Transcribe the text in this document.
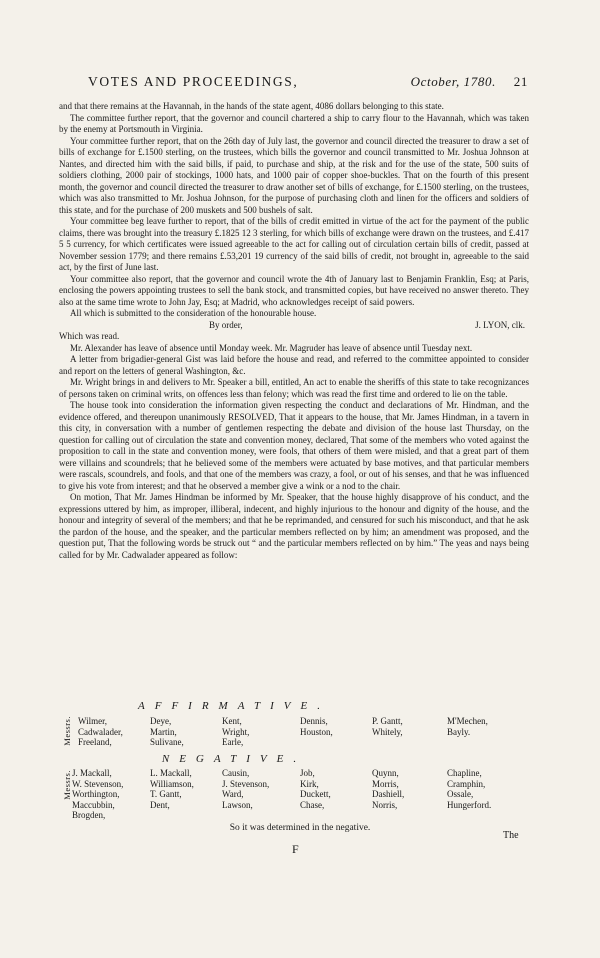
VOTES AND PROCEEDINGS,	October, 1780. 21

and that there remains at the Havannah, in the hands of the state agent, 4086 dollars belonging to this state.

The committee further report, that the governor and council chartered a ship to carry flour to the Havannah, which was taken by the enemy at Portsmouth in Virginia.

Your committee further report, that on the 26th day of July last, the governor and council directed the treasurer to draw a set of bills of exchange for £.1500 sterling, on the trustees, which bills the governor and council transmitted to Mr. Joshua Johnson at Nantes, and directed him with the said bills, if paid, to purchase and ship, at the risk and for the use of the state, 500 suits of soldiers clothing, 2000 pair of stockings, 1000 hats, and 1000 pair of copper shoe-buckles. That on the fourth of this present month, the governor and council directed the treasurer to draw another set of bills of exchange, for £.1500 sterling, on the trustees, which was also transmitted to Mr. Joshua Johnson, for the purpose of purchasing cloth and linen for the officers and soldiers of this state, and for the purchase of 200 muskets and 500 bushels of salt.

Your committee beg leave further to report, that of the bills of credit emitted in virtue of the act for the payment of the public claims, there was brought into the treasury £.1825 12 3 sterling, for which bills of exchange were drawn on the trustees, and £.417 5 5 currency, for which certificates were issued agreeable to the act for calling out of circulation certain bills of credit, passed at November session 1779; and there remains £.53,201 19 currency of the said bills of credit, not brought in, agreeable to the said act, by the first of June last.

Your committee also report, that the governor and council wrote the 4th of January last to Benjamin Franklin, Esq; at Paris, enclosing the powers appointing trustees to sell the bank stock, and transmitted copies, but have received no answer thereto. They also at the same time wrote to John Jay, Esq; at Madrid, who acknowledges receipt of said powers.

All which is submitted to the consideration of the honourable house.

By order,	J. LYON, clk.

Which was read.

Mr. Alexander has leave of absence until Monday week. Mr. Magruder has leave of absence until Tuesday next.

A letter from brigadier-general Gist was laid before the house and read, and referred to the committee appointed to consider and report on the letters of general Washington, &c.

Mr. Wright brings in and delivers to Mr. Speaker a bill, entitled, An act to enable the sheriffs of this state to take recognizances of persons taken on criminal writs, on offences less than felony; which was read the first time and ordered to lie on the table.

The house took into consideration the information given respecting the conduct and declarations of Mr. Hindman, and the evidence offered, and thereupon unanimously RESOLVED, That it appears to the house, that Mr. James Hindman, in a tavern in this city, in conversation with a number of gentlemen respecting the debate and division of the house last Thursday, on the question for calling out of circulation the state and convention money, declared, That some of the members who voted against the proposition to call in the state and convention money, were fools, that others of them were misled, and that a great part of them were villains and scoundrels; that he believed some of the members were actuated by base motives, and that particular members were rascals, scoundrels, and fools, and that one of the members was crazy, a fool, or out of his senses, and that he was influenced to give his vote from interest; and that he observed a member give a wink or a nod to the chair.

On motion, That Mr. James Hindman be informed by Mr. Speaker, that the house highly disapprove of his conduct, and the expressions uttered by him, as improper, illiberal, indecent, and highly injurious to the honour and dignity of the house, and the honour and integrity of several of the members; and that he be reprimanded, and censured for such his misconduct, and that he ask the pardon of the house, and the speaker, and the particular members reflected on by him; an amendment was proposed, and the question put, That the following words be struck out “ and the particular members reflected on by him.” The yeas and nays being called for by Mr. Cadwalader appeared as follow:

AFFIRMATIVE.
Messrs. Wilmer,
Cadwalader,
Freeland,
Deye,
Martin,
Sulivane,
Kent,
Wright,
Earle,
Dennis,
Houston,
P. Gantt,
Whitely,
M'Mechen,
Bayly.
NEGATIVE.
Messrs. J. Mackall,
W. Stevenson,
Worthington,
Maccubbin,
Brogden,
L. Mackall,
Williamson,
T. Gantt,
Dent,
Causin,
J. Stevenson,
Ward,
Lawson,
Job,
Kirk,
Duckett,
Chase,
Quynn,
Morris,
Dashiell,
Norris,
Chapline,
Cramphin,
Ossale,
Hungerford.
So it was determined in the negative.
F
The
